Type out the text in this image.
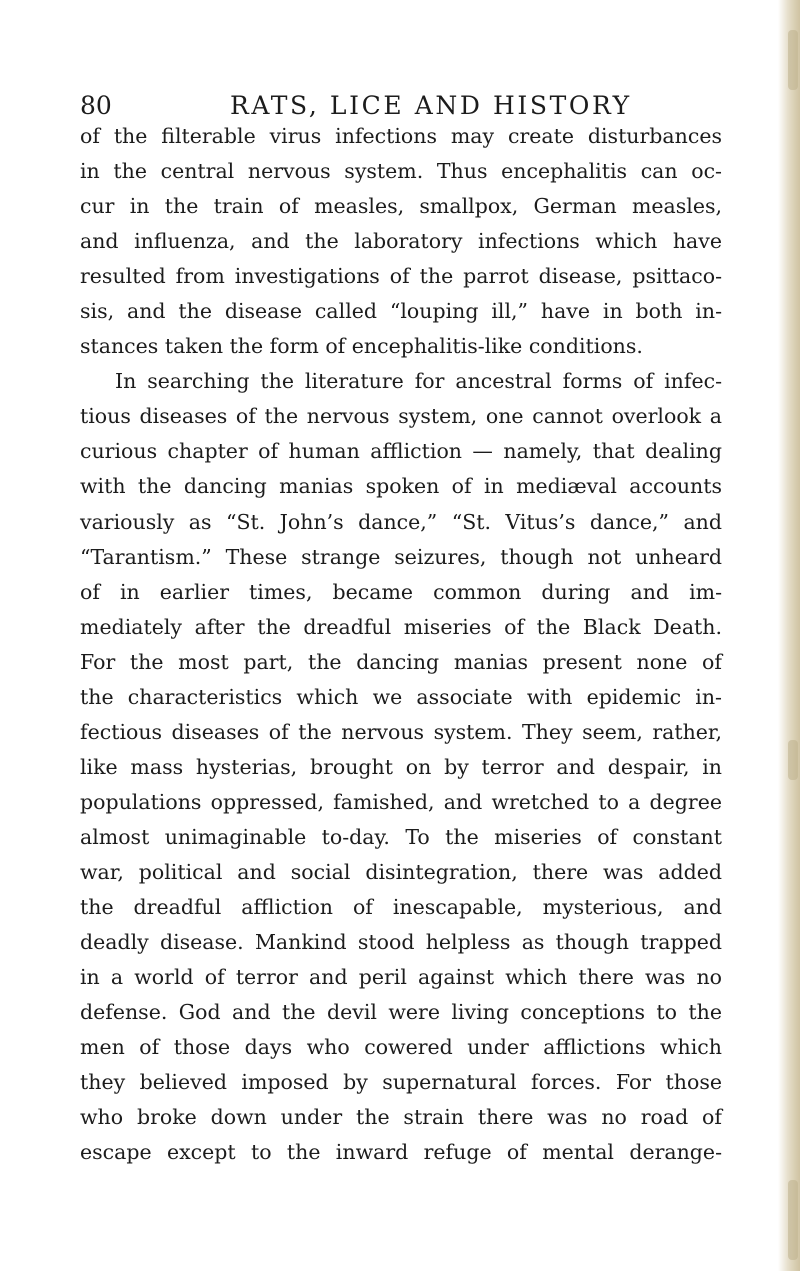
80	RATS, LICE AND HISTORY
of the filterable virus infections may create disturbances
in the central nervous system. Thus encephalitis can oc-
cur in the train of measles, smallpox, German measles,
and influenza, and the laboratory infections which have
resulted from investigations of the parrot disease, psittaco-
sis, and the disease called “louping ill,” have in both in-
stances taken the form of encephalitis-like conditions.
In searching the literature for ancestral forms of infec-
tious diseases of the nervous system, one cannot overlook a
curious chapter of human affliction — namely, that dealing
with the dancing manias spoken of in mediæval accounts
variously as “St. John’s dance,” “St. Vitus’s dance,” and
“Tarantism.” These strange seizures, though not unheard
of in earlier times, became common during and im-
mediately after the dreadful miseries of the Black Death.
For the most part, the dancing manias present none of
the characteristics which we associate with epidemic in-
fectious diseases of the nervous system. They seem, rather,
like mass hysterias, brought on by terror and despair, in
populations oppressed, famished, and wretched to a degree
almost unimaginable to-day. To the miseries of constant
war, political and social disintegration, there was added
the dreadful affliction of inescapable, mysterious, and
deadly disease. Mankind stood helpless as though trapped
in a world of terror and peril against which there was no
defense. God and the devil were living conceptions to the
men of those days who cowered under afflictions which
they believed imposed by supernatural forces. For those
who broke down under the strain there was no road of
escape except to the inward refuge of mental derange-
